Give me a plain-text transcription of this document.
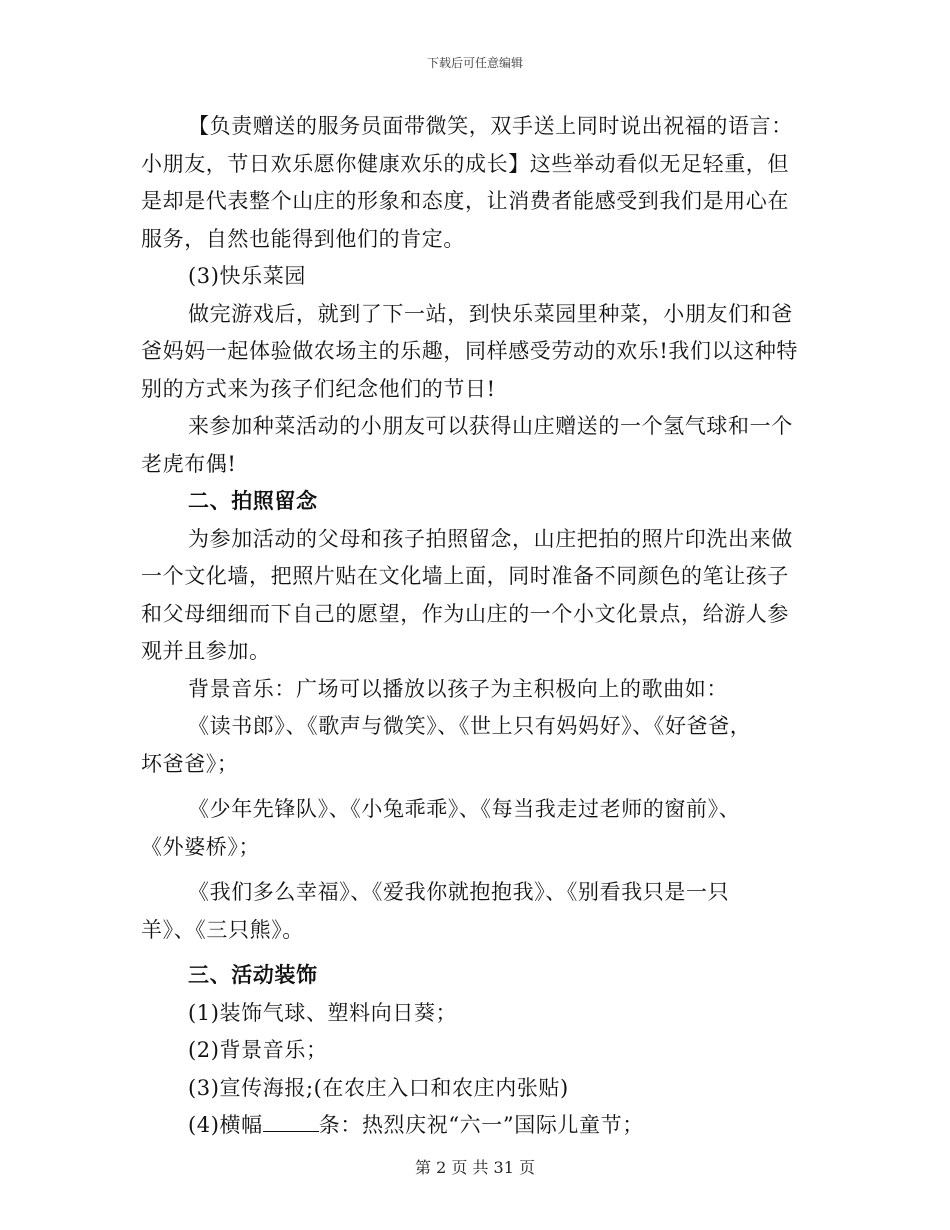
下载后可任意编辑

【负责赠送的服务员面带微笑，双手送上同时说出祝福的语言：

小朋友，节日欢乐愿你健康欢乐的成长】这些举动看似无足轻重，但

是却是代表整个山庄的形象和态度，让消费者能感受到我们是用心在

服务，自然也能得到他们的肯定。

(3)快乐菜园

做完游戏后，就到了下一站，到快乐菜园里种菜，小朋友们和爸

爸妈妈一起体验做农场主的乐趣，同样感受劳动的欢乐!我们以这种特

别的方式来为孩子们纪念他们的节日!

来参加种菜活动的小朋友可以获得山庄赠送的一个氢气球和一个

老虎布偶!

二、拍照留念

为参加活动的父母和孩子拍照留念，山庄把拍的照片印洗出来做

一个文化墙，把照片贴在文化墙上面，同时准备不同颜色的笔让孩子

和父母细细而下自己的愿望，作为山庄的一个小文化景点，给游人参

观并且参加。

背景音乐：广场可以播放以孩子为主积极向上的歌曲如：

《读书郎》、《歌声与微笑》、《世上只有妈妈好》、《好爸爸，

坏爸爸》；

《少年先锋队》、《小兔乖乖》、《每当我走过老师的窗前》、

《外婆桥》；

《我们多么幸福》、《爱我你就抱抱我》、《别看我只是一只

羊》、《三只熊》。

三、活动装饰

(1)装饰气球、塑料向日葵；

(2)背景音乐；

(3)宣传海报;(在农庄入口和农庄内张贴)

(4)横幅	条：热烈庆祝“六一”国际儿童节；

第 2 页 共 31 页
